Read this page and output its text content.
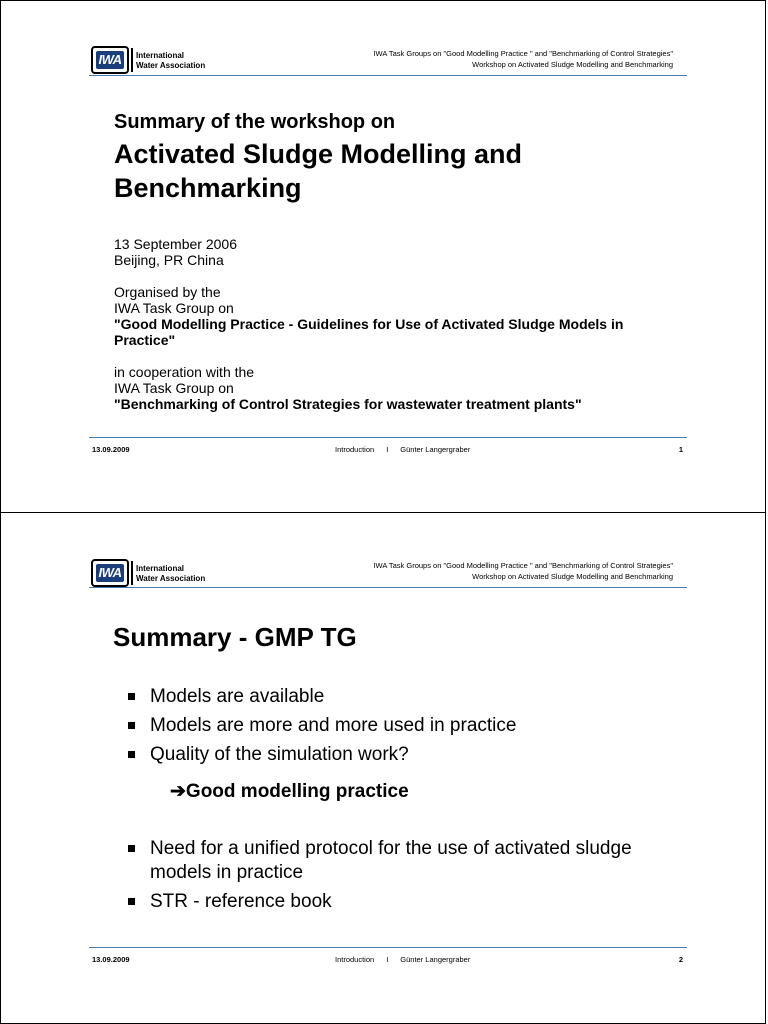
IWA	International
Water Association
IWA Task Groups on "Good Modelling Practice " and "Benchmarking of Control Strategies"
Workshop on Activated Sludge Modelling and Benchmarking
Summary of the workshop on
Activated Sludge Modelling and
Benchmarking
13 September 2006
Beijing, PR China
Organised by the
IWA Task Group on
"Good Modelling Practice - Guidelines for Use of Activated Sludge Models in Practice"
in cooperation with the
IWA Task Group on
"Benchmarking of Control Strategies for wastewater treatment plants"
13.09.2009	Introduction I Günter Langergraber	1
IWA	International
Water Association
IWA Task Groups on "Good Modelling Practice " and "Benchmarking of Control Strategies"
Workshop on Activated Sludge Modelling and Benchmarking
13.09.2009	Introduction I Günter Langergraber	2
Summary - GMP TG
Models are available
Models are more and more used in practice
Quality of the simulation work?
➔Good modelling practice
Need for a unified protocol for the use of activated sludge models in practice
STR - reference book
